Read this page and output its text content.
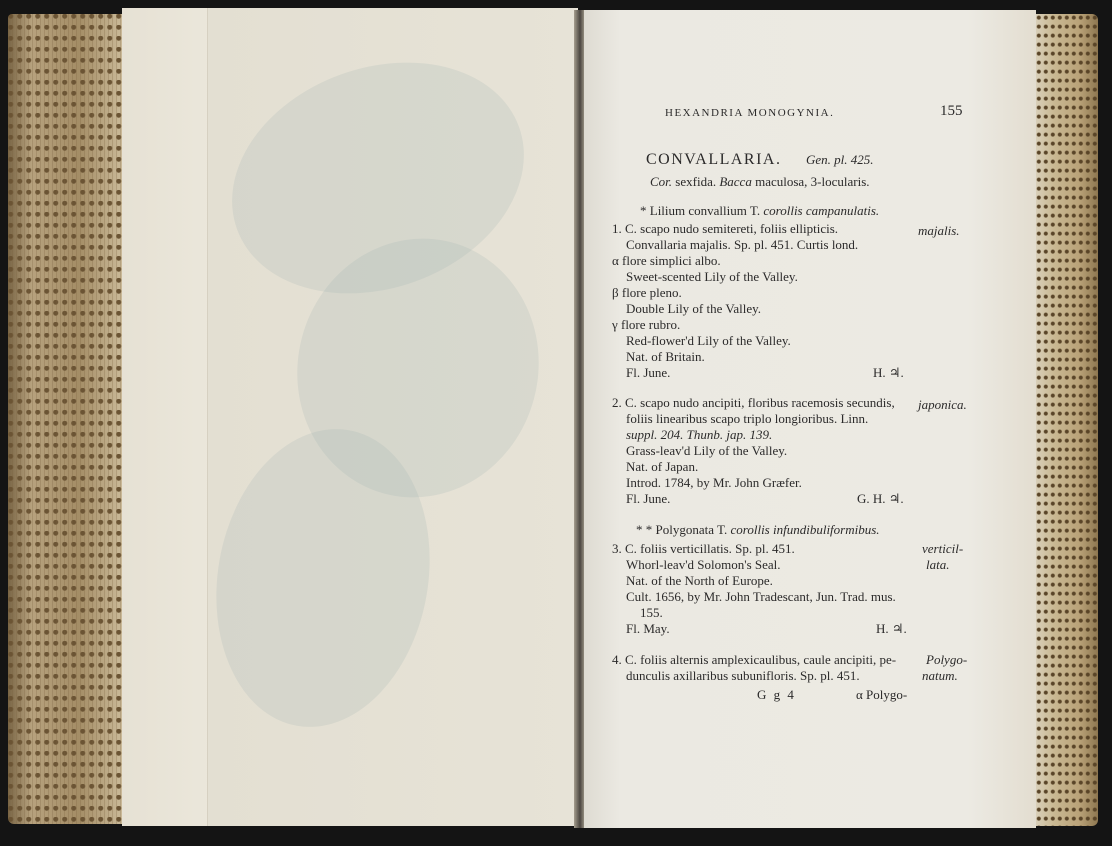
HEXANDRIA MONOGYNIA.	155
CONVALLARIA. Gen. pl. 425.
Cor. sexfida. Bacca maculosa, 3-locularis.
* Lilium convallium T. corollis campanulatis.
1. C. scapo nudo semitereti, foliis ellipticis.
Convallaria majalis. Sp. pl. 451. Curtis lond.
α flore simplici albo.
Sweet-scented Lily of the Valley.
β flore pleno.
Double Lily of the Valley.
γ flore rubro.
Red-flower'd Lily of the Valley.
Nat. of Britain.
Fl. June.	H. ♃.
majalis.
2. C. scapo nudo ancipiti, floribus racemosis secundis,
foliis linearibus scapo triplo longioribus. Linn.
suppl. 204. Thunb. jap. 139.
Grass-leav'd Lily of the Valley.
Nat. of Japan.
Introd. 1784, by Mr. John Græfer.
Fl. June.	G. H. ♃.
japonica.
* * Polygonata T. corollis infundibuliformibus.
3. C. foliis verticillatis. Sp. pl. 451.
Whorl-leav'd Solomon's Seal.
Nat. of the North of Europe.
Cult. 1656, by Mr. John Tradescant, Jun. Trad. mus.
155.
Fl. May.	H. ♃.
verticil-
lata.
4. C. foliis alternis amplexicaulibus, caule ancipiti, pe-
dunculis axillaribus subunifloris. Sp. pl. 451.
Polygo-
natum.
G g 4	α Polygo-
